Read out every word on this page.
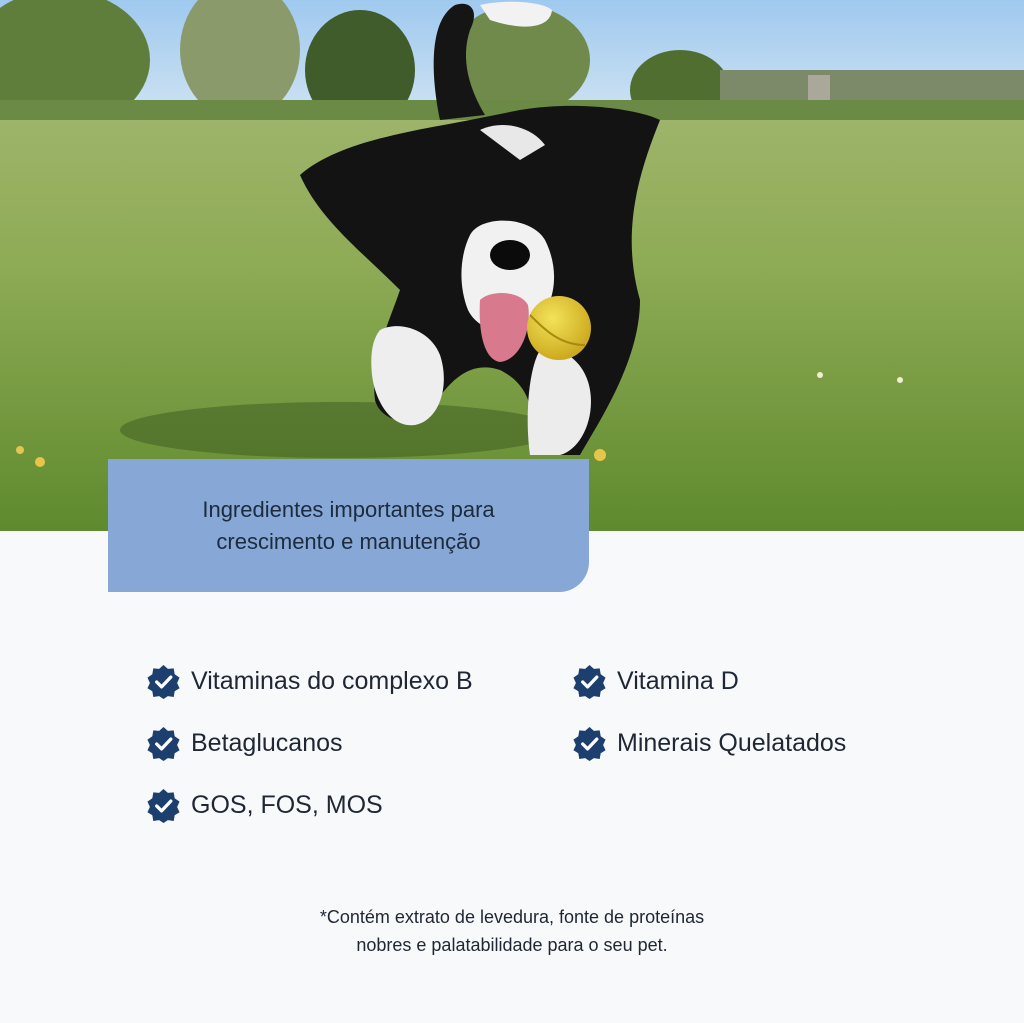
Ingredientes importantes para
crescimento e manutenção
Vitaminas do complexo B	Vitamina D
Betaglucanos	Minerais Quelatados
GOS, FOS, MOS
*Contém extrato de levedura, fonte de proteínas
nobres e palatabilidade para o seu pet.
